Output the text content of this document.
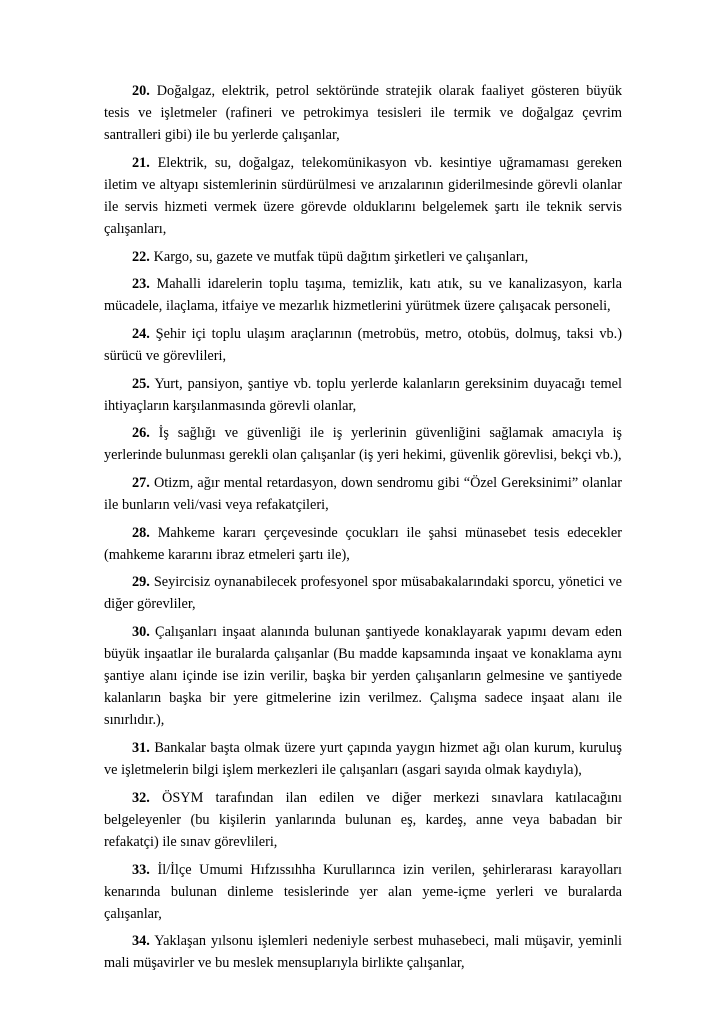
20. Doğalgaz, elektrik, petrol sektöründe stratejik olarak faaliyet gösteren büyük tesis ve işletmeler (rafineri ve petrokimya tesisleri ile termik ve doğalgaz çevrim santralleri gibi) ile bu yerlerde çalışanlar,

21. Elektrik, su, doğalgaz, telekomünikasyon vb. kesintiye uğramaması gereken iletim ve altyapı sistemlerinin sürdürülmesi ve arızalarının giderilmesinde görevli olanlar ile servis hizmeti vermek üzere görevde olduklarını belgelemek şartı ile teknik servis çalışanları,

22. Kargo, su, gazete ve mutfak tüpü dağıtım şirketleri ve çalışanları,

23. Mahalli idarelerin toplu taşıma, temizlik, katı atık, su ve kanalizasyon, karla mücadele, ilaçlama, itfaiye ve mezarlık hizmetlerini yürütmek üzere çalışacak personeli,

24. Şehir içi toplu ulaşım araçlarının (metrobüs, metro, otobüs, dolmuş, taksi vb.) sürücü ve görevlileri,

25. Yurt, pansiyon, şantiye vb. toplu yerlerde kalanların gereksinim duyacağı temel ihtiyaçların karşılanmasında görevli olanlar,

26. İş sağlığı ve güvenliği ile iş yerlerinin güvenliğini sağlamak amacıyla iş yerlerinde bulunması gerekli olan çalışanlar (iş yeri hekimi, güvenlik görevlisi, bekçi vb.),

27. Otizm, ağır mental retardasyon, down sendromu gibi “Özel Gereksinimi” olanlar ile bunların veli/vasi veya refakatçileri,

28. Mahkeme kararı çerçevesinde çocukları ile şahsi münasebet tesis edecekler (mahkeme kararını ibraz etmeleri şartı ile),

29. Seyircisiz oynanabilecek profesyonel spor müsabakalarındaki sporcu, yönetici ve diğer görevliler,

30. Çalışanları inşaat alanında bulunan şantiyede konaklayarak yapımı devam eden büyük inşaatlar ile buralarda çalışanlar (Bu madde kapsamında inşaat ve konaklama aynı şantiye alanı içinde ise izin verilir, başka bir yerden çalışanların gelmesine ve şantiyede kalanların başka bir yere gitmelerine izin verilmez. Çalışma sadece inşaat alanı ile sınırlıdır.),

31. Bankalar başta olmak üzere yurt çapında yaygın hizmet ağı olan kurum, kuruluş ve işletmelerin bilgi işlem merkezleri ile çalışanları (asgari sayıda olmak kaydıyla),

32. ÖSYM tarafından ilan edilen ve diğer merkezi sınavlara katılacağını belgeleyenler (bu kişilerin yanlarında bulunan eş, kardeş, anne veya babadan bir refakatçi) ile sınav görevlileri,

33. İl/İlçe Umumi Hıfzıssıhha Kurullarınca izin verilen, şehirlerarası karayolları kenarında bulunan dinleme tesislerinde yer alan yeme-içme yerleri ve buralarda çalışanlar,

34. Yaklaşan yılsonu işlemleri nedeniyle serbest muhasebeci, mali müşavir, yeminli mali müşavirler ve bu meslek mensuplarıyla birlikte çalışanlar,
